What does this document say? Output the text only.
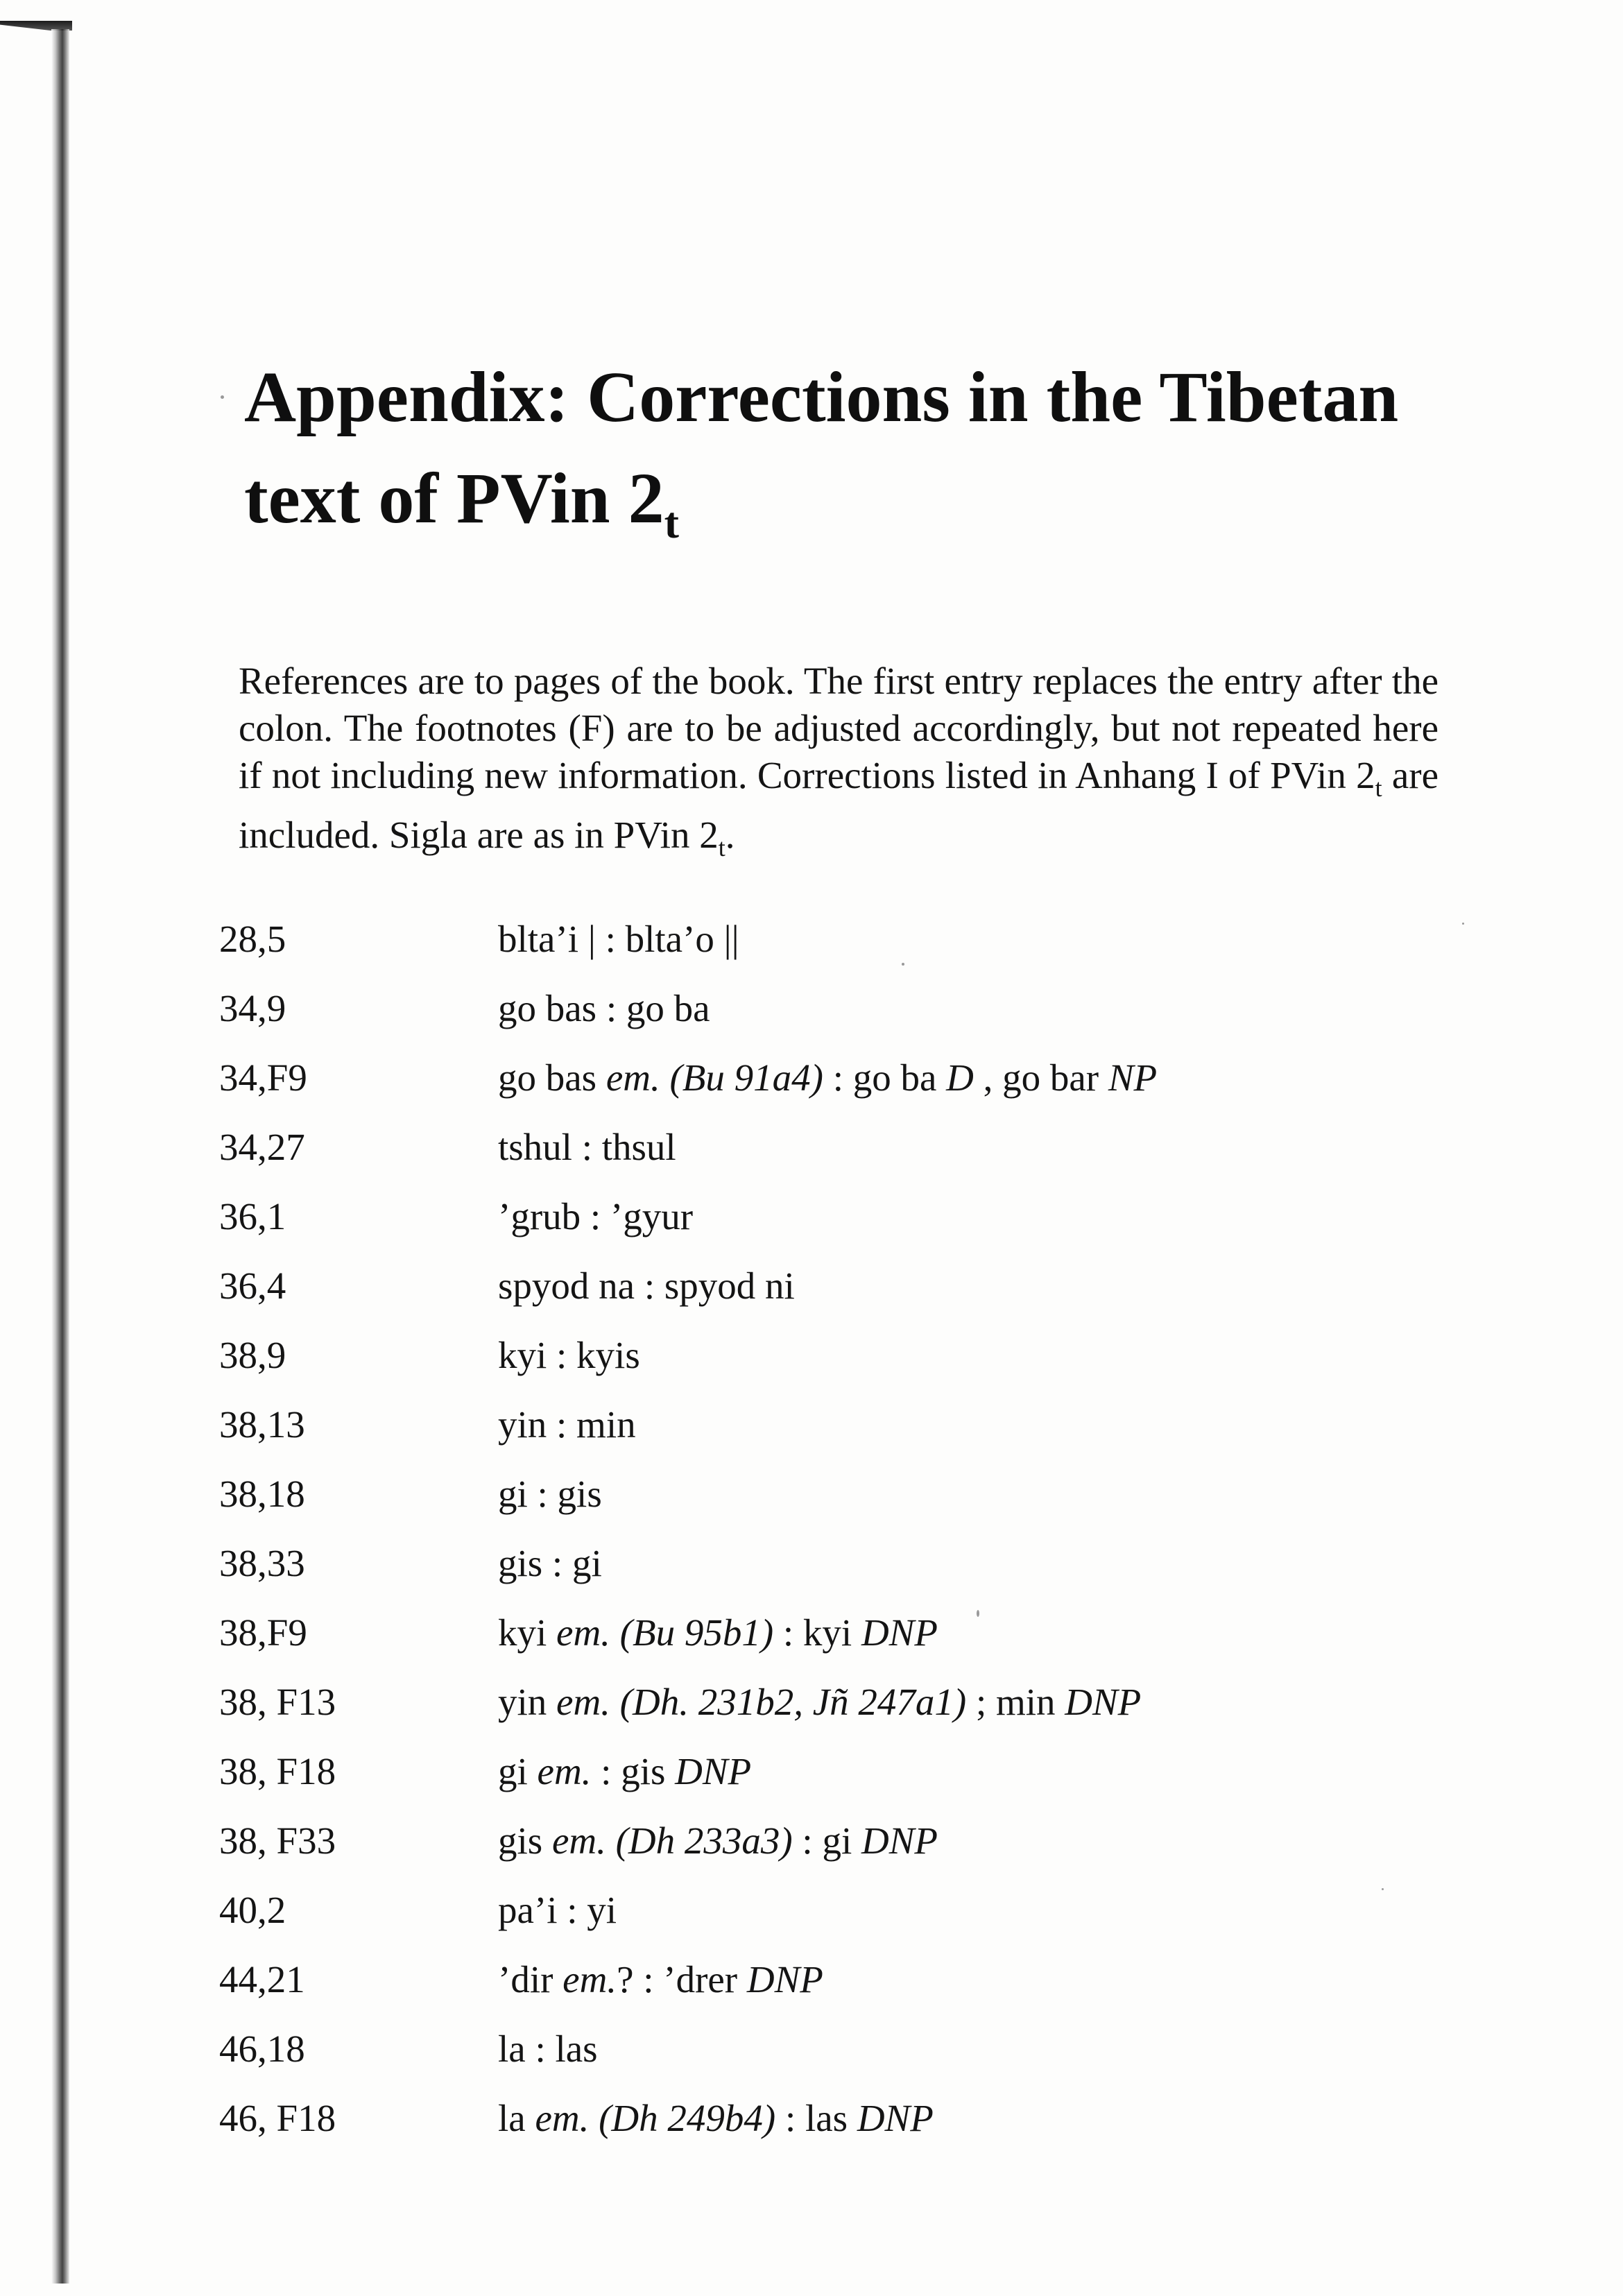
Appendix: Corrections in the Tibetan
text of PVin $2_t$

References are to pages of the book. The first entry replaces the entry after the colon. The footnotes (F) are to be adjusted accordingly, but not repeated here if not including new information. Corrections listed in Anhang I of PVin $2_t$ are included. Sigla are as in PVin $2_t$.

28,5	blta’i | : blta’o ||
34,9	go bas : go ba
34,F9	go bas em. (Bu 91a4) : go ba D , go bar NP
34,27	tshul : thsul
36,1	’grub : ’gyur
36,4	spyod na : spyod ni
38,9	kyi : kyis
38,13	yin : min
38,18	gi : gis
38,33	gis : gi
38,F9	kyi em. (Bu 95b1) : kyi DNP
38, F13	yin em. (Dh. 231b2, Jñ 247a1) ; min DNP
38, F18	gi em. : gis DNP
38, F33	gis em. (Dh 233a3) : gi DNP
40,2	pa’i : yi
44,21	’dir em.? : ’drer DNP
46,18	la : las
46, F18	la em. (Dh 249b4) : las DNP
